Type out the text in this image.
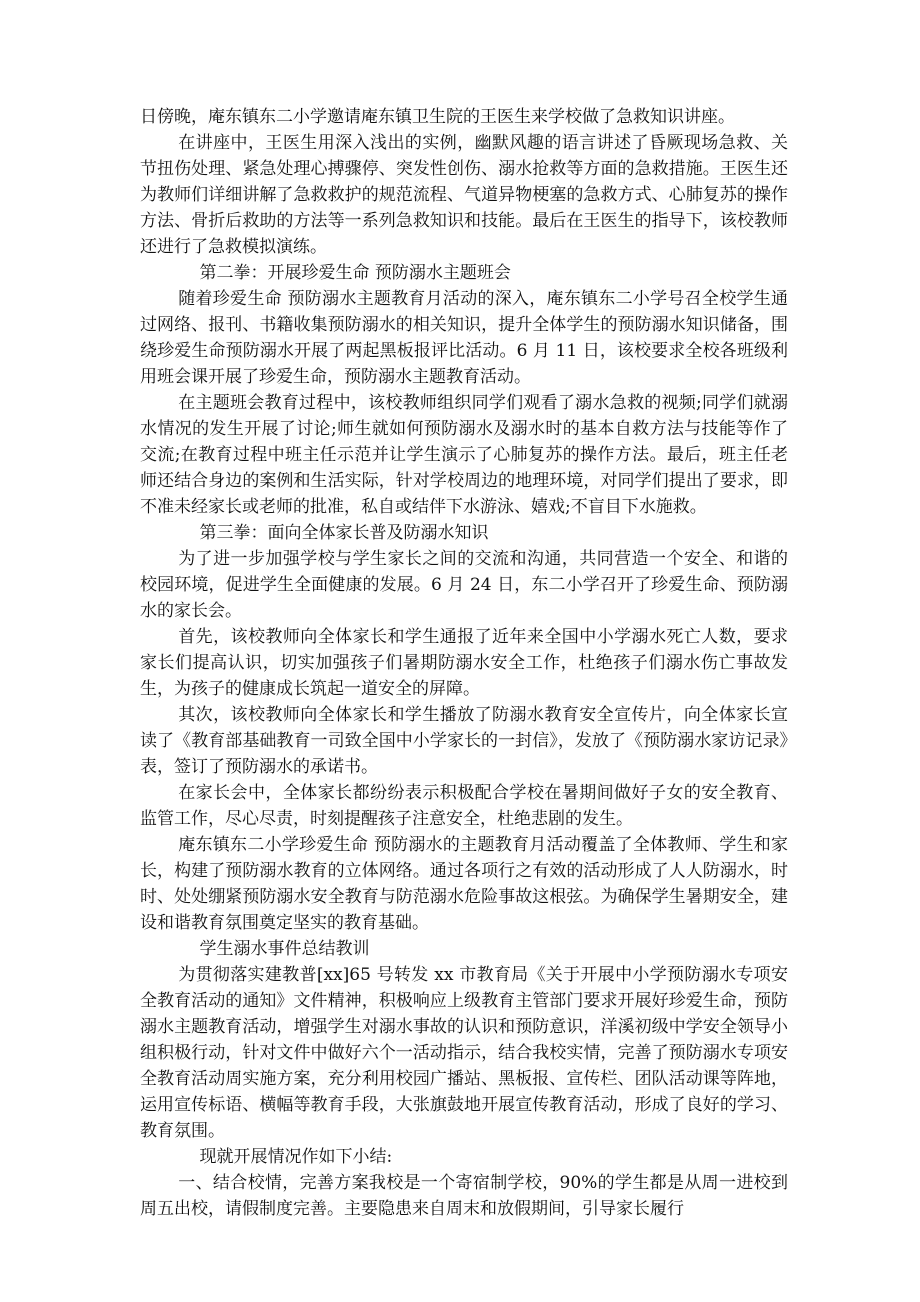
日傍晚，庵东镇东二小学邀请庵东镇卫生院的王医生来学校做了急救知识讲座。

在讲座中，王医生用深入浅出的实例，幽默风趣的语言讲述了昏厥现场急救、关节扭伤处理、紧急处理心搏骤停、突发性创伤、溺水抢救等方面的急救措施。王医生还为教师们详细讲解了急救救护的规范流程、气道异物梗塞的急救方式、心肺复苏的操作方法、骨折后救助的方法等一系列急救知识和技能。最后在王医生的指导下，该校教师还进行了急救模拟演练。

第二拳：开展珍爱生命 预防溺水主题班会

随着珍爱生命 预防溺水主题教育月活动的深入，庵东镇东二小学号召全校学生通过网络、报刊、书籍收集预防溺水的相关知识，提升全体学生的预防溺水知识储备，围绕珍爱生命预防溺水开展了两起黑板报评比活动。6 月 11 日，该校要求全校各班级利用班会课开展了珍爱生命，预防溺水主题教育活动。

在主题班会教育过程中，该校教师组织同学们观看了溺水急救的视频;同学们就溺水情况的发生开展了讨论;师生就如何预防溺水及溺水时的基本自救方法与技能等作了交流;在教育过程中班主任示范并让学生演示了心肺复苏的操作方法。最后，班主任老师还结合身边的案例和生活实际，针对学校周边的地理环境，对同学们提出了要求，即不准未经家长或老师的批准，私自或结伴下水游泳、嬉戏;不盲目下水施救。

第三拳：面向全体家长普及防溺水知识

为了进一步加强学校与学生家长之间的交流和沟通，共同营造一个安全、和谐的校园环境，促进学生全面健康的发展。6 月 24 日，东二小学召开了珍爱生命、预防溺水的家长会。

首先，该校教师向全体家长和学生通报了近年来全国中小学溺水死亡人数，要求家长们提高认识，切实加强孩子们暑期防溺水安全工作，杜绝孩子们溺水伤亡事故发生，为孩子的健康成长筑起一道安全的屏障。

其次，该校教师向全体家长和学生播放了防溺水教育安全宣传片，向全体家长宣读了《教育部基础教育一司致全国中小学家长的一封信》，发放了《预防溺水家访记录》表，签订了预防溺水的承诺书。

在家长会中，全体家长都纷纷表示积极配合学校在暑期间做好子女的安全教育、监管工作，尽心尽责，时刻提醒孩子注意安全，杜绝悲剧的发生。

庵东镇东二小学珍爱生命 预防溺水的主题教育月活动覆盖了全体教师、学生和家长，构建了预防溺水教育的立体网络。通过各项行之有效的活动形成了人人防溺水，时时、处处绷紧预防溺水安全教育与防范溺水危险事故这根弦。为确保学生暑期安全，建设和谐教育氛围奠定坚实的教育基础。

学生溺水事件总结教训

为贯彻落实建教普[xx]65 号转发 xx 市教育局《关于开展中小学预防溺水专项安全教育活动的通知》文件精神，积极响应上级教育主管部门要求开展好珍爱生命，预防溺水主题教育活动，增强学生对溺水事故的认识和预防意识，洋溪初级中学安全领导小组积极行动，针对文件中做好六个一活动指示，结合我校实情，完善了预防溺水专项安全教育活动周实施方案，充分利用校园广播站、黑板报、宣传栏、团队活动课等阵地，运用宣传标语、横幅等教育手段，大张旗鼓地开展宣传教育活动，形成了良好的学习、教育氛围。

现就开展情况作如下小结:

一、结合校情，完善方案我校是一个寄宿制学校，90%的学生都是从周一进校到周五出校，请假制度完善。主要隐患来自周末和放假期间，引导家长履行
